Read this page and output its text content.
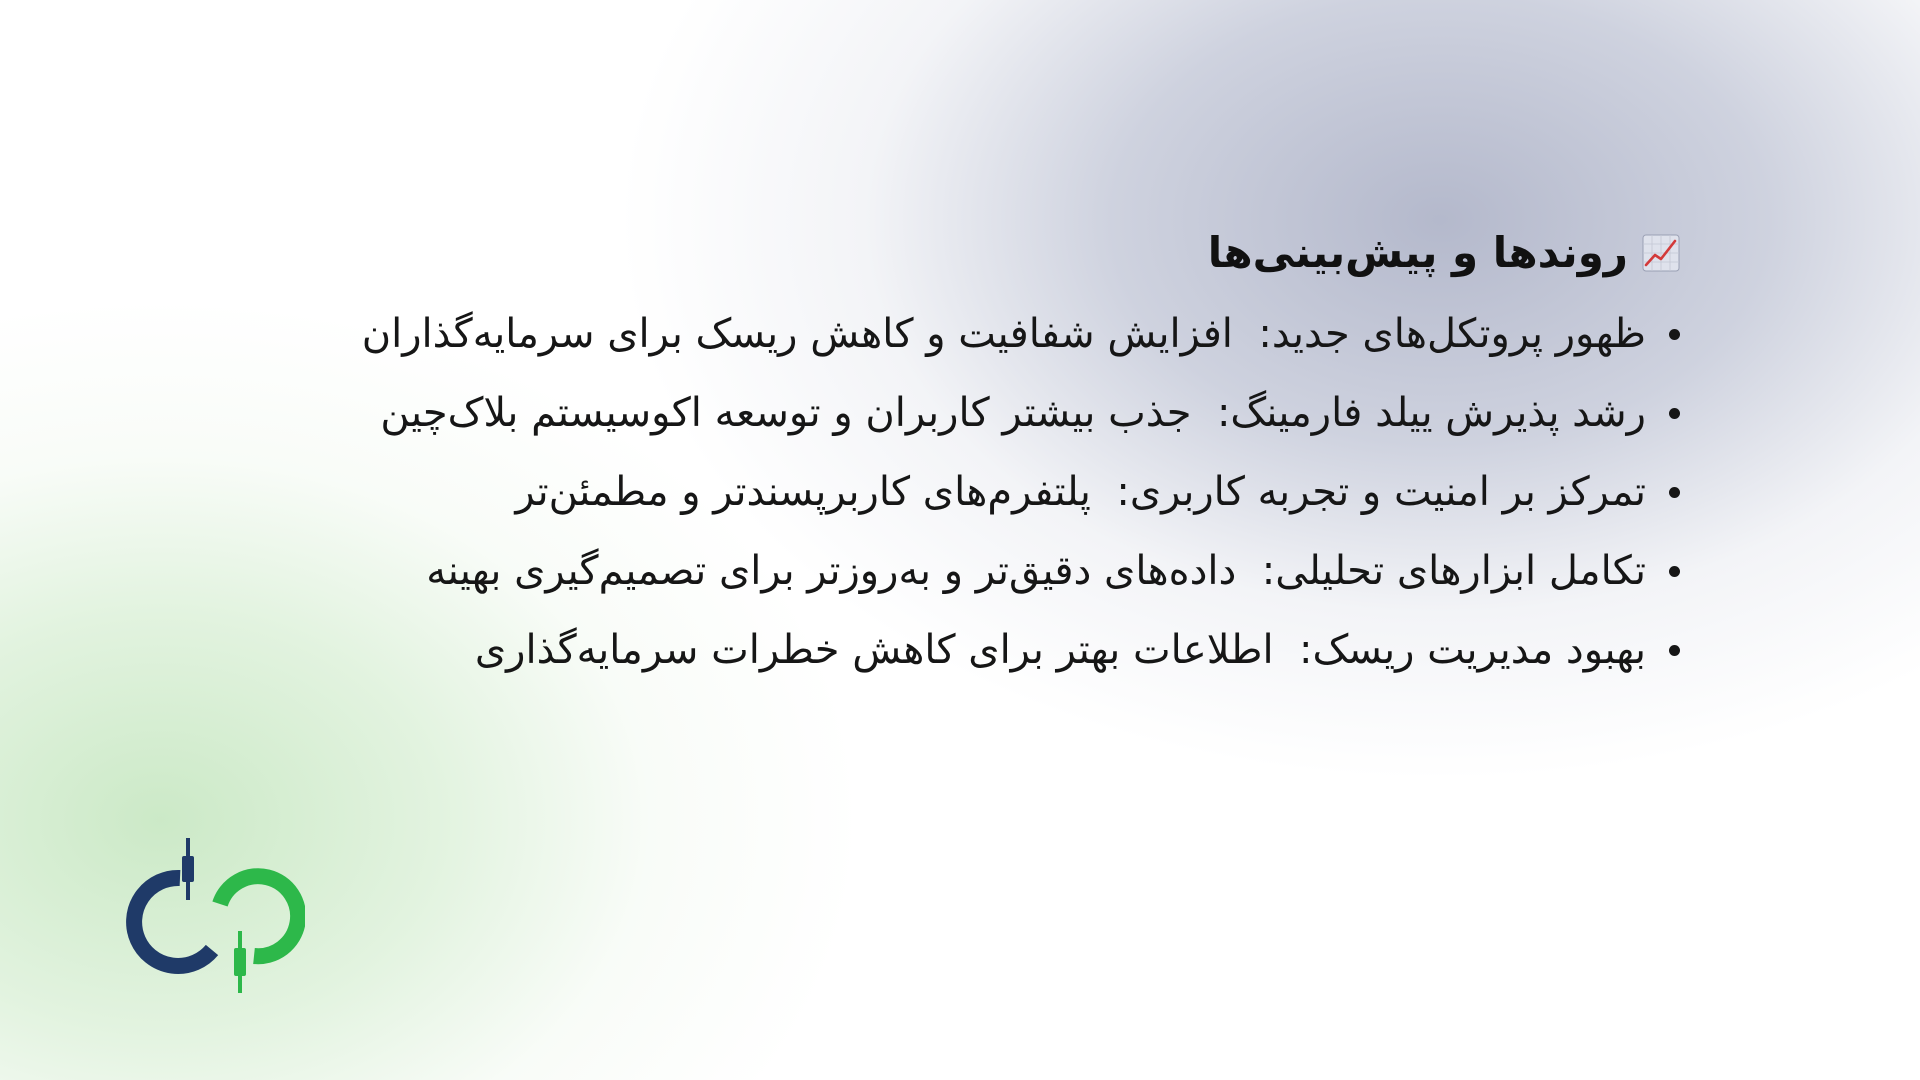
روندها و پیش‌بینی‌ها
ظهور پروتکل‌های جدید:  افزایش شفافیت و کاهش ریسک برای سرمایه‌گذاران
رشد پذیرش ییلد فارمینگ:  جذب بیشتر کاربران و توسعه اکوسیستم بلاک‌چین
تمرکز بر امنیت و تجربه کاربری:  پلتفرم‌های کاربرپسندتر و مطمئن‌تر
تکامل ابزارهای تحلیلی:  داده‌های دقیق‌تر و به‌روزتر برای تصمیم‌گیری بهینه
بهبود مدیریت ریسک:  اطلاعات بهتر برای کاهش خطرات سرمایه‌گذاری
